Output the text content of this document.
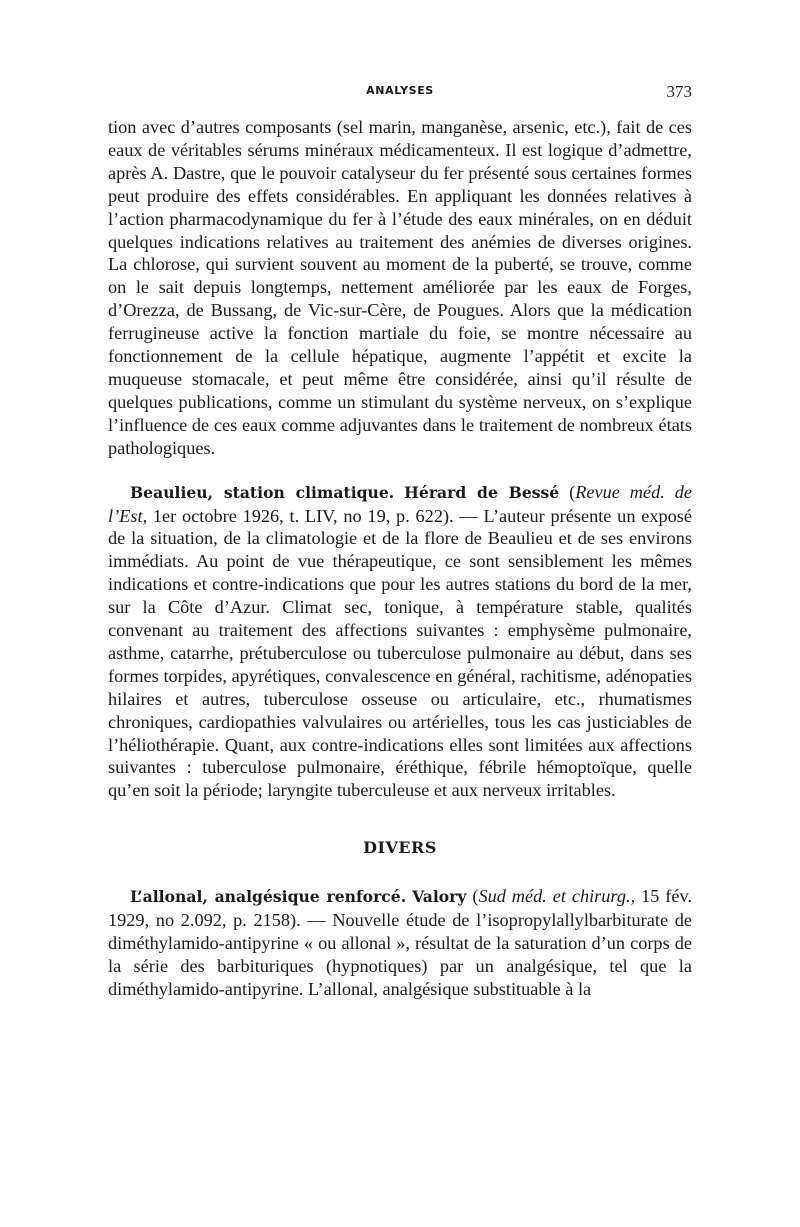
ANALYSES	373

tion avec d’autres composants (sel marin, manganèse, arsenic, etc.), fait de ces eaux de véritables sérums minéraux médicamenteux. Il est logique d’admettre, après A. Dastre, que le pouvoir catalyseur du fer présenté sous certaines formes peut produire des effets considérables. En appliquant les données relatives à l’action pharmacodynamique du fer à l’étude des eaux minérales, on en déduit quelques indications relatives au traitement des anémies de diverses origines. La chlorose, qui survient souvent au moment de la puberté, se trouve, comme on le sait depuis longtemps, nettement améliorée par les eaux de Forges, d’Orezza, de Bussang, de Vic-sur-Cère, de Pougues. Alors que la médication ferrugineuse active la fonction martiale du foie, se montre nécessaire au fonctionnement de la cellule hépatique, augmente l’appétit et excite la muqueuse stomacale, et peut même être considérée, ainsi qu’il résulte de quelques publications, comme un stimulant du système nerveux, on s’explique l’influence de ces eaux comme adjuvantes dans le traitement de nombreux états pathologiques.

Beaulieu, station climatique. Hérard de Bessé (Revue méd. de l’Est, 1er octobre 1926, t. LIV, no 19, p. 622). — L’auteur présente un exposé de la situation, de la climatologie et de la flore de Beaulieu et de ses environs immédiats. Au point de vue thérapeutique, ce sont sensiblement les mêmes indications et contre-indications que pour les autres stations du bord de la mer, sur la Côte d’Azur. Climat sec, tonique, à température stable, qualités convenant au traitement des affections suivantes : emphysème pulmonaire, asthme, catarrhe, prétuberculose ou tuberculose pulmonaire au début, dans ses formes torpides, apyrétiques, convalescence en général, rachitisme, adénopaties hilaires et autres, tuberculose osseuse ou articulaire, etc., rhumatismes chroniques, cardiopathies valvulaires ou artérielles, tous les cas justiciables de l’héliothérapie. Quant, aux contre-indications elles sont limitées aux affections suivantes : tuberculose pulmonaire, éréthique, fébrile hémoptoïque, quelle qu’en soit la période; laryngite tuberculeuse et aux nerveux irritables.

DIVERS

L’allonal, analgésique renforcé. Valory (Sud méd. et chirurg., 15 fév. 1929, no 2.092, p. 2158). — Nouvelle étude de l’isopropylallylbarbiturate de diméthylamido-antipyrine « ou allonal », résultat de la saturation d’un corps de la série des barbituriques (hypnotiques) par un analgésique, tel que la diméthylamido-antipyrine. L’allonal, analgésique substituable à la
